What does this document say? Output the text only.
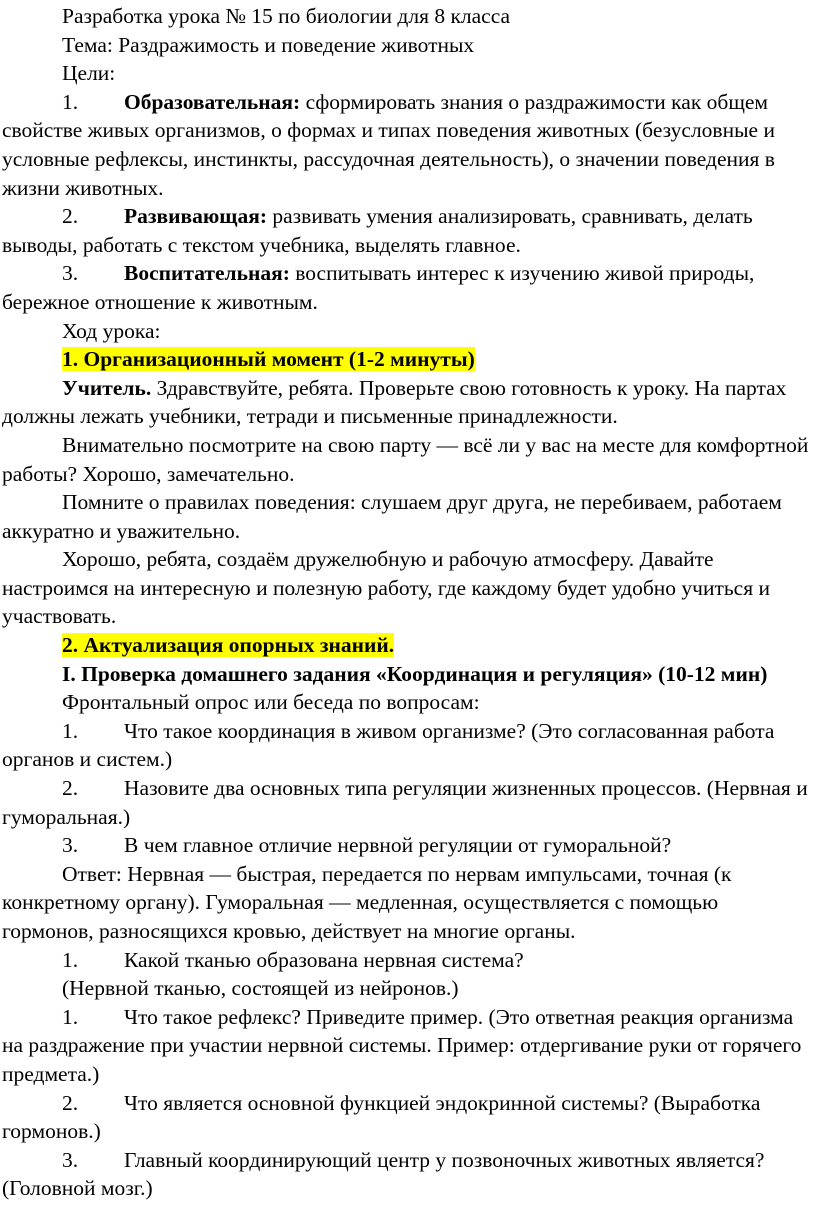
Разработка урока № 15 по биологии для 8 класса

Тема: Раздражимость и поведение животных

Цели:

1. Образовательная: сформировать знания о раздражимости как общем свойстве живых организмов, о формах и типах поведения животных (безусловные и условные рефлексы, инстинкты, рассудочная деятельность), о значении поведения в жизни животных.

2. Развивающая: развивать умения анализировать, сравнивать, делать выводы, работать с текстом учебника, выделять главное.

3. Воспитательная: воспитывать интерес к изучению живой природы, бережное отношение к животным.

Ход урока:

1. Организационный момент (1-2 минуты)

Учитель. Здравствуйте, ребята. Проверьте свою готовность к уроку. На партах должны лежать учебники, тетради и письменные принадлежности.

Внимательно посмотрите на свою парту — всё ли у вас на месте для комфортной работы? Хорошо, замечательно.

Помните о правилах поведения: слушаем друг друга, не перебиваем, работаем аккуратно и уважительно.

Хорошо, ребята, создаём дружелюбную и рабочую атмосферу. Давайте настроимся на интересную и полезную работу, где каждому будет удобно учиться и участвовать.

2. Актуализация опорных знаний.

I. Проверка домашнего задания «Координация и регуляция» (10-12 мин)

Фронтальный опрос или беседа по вопросам:

1. Что такое координация в живом организме? (Это согласованная работа органов и систем.)

2. Назовите два основных типа регуляции жизненных процессов. (Нервная и гуморальная.)

3. В чем главное отличие нервной регуляции от гуморальной?

Ответ: Нервная — быстрая, передается по нервам импульсами, точная (к конкретному органу). Гуморальная — медленная, осуществляется с помощью гормонов, разносящихся кровью, действует на многие органы.

1. Какой тканью образована нервная система?

(Нервной тканью, состоящей из нейронов.)

1. Что такое рефлекс? Приведите пример. (Это ответная реакция организма на раздражение при участии нервной системы. Пример: отдергивание руки от горячего предмета.)

2. Что является основной функцией эндокринной системы? (Выработка гормонов.)

3. Главный координирующий центр у позвоночных животных является? (Головной мозг.)
